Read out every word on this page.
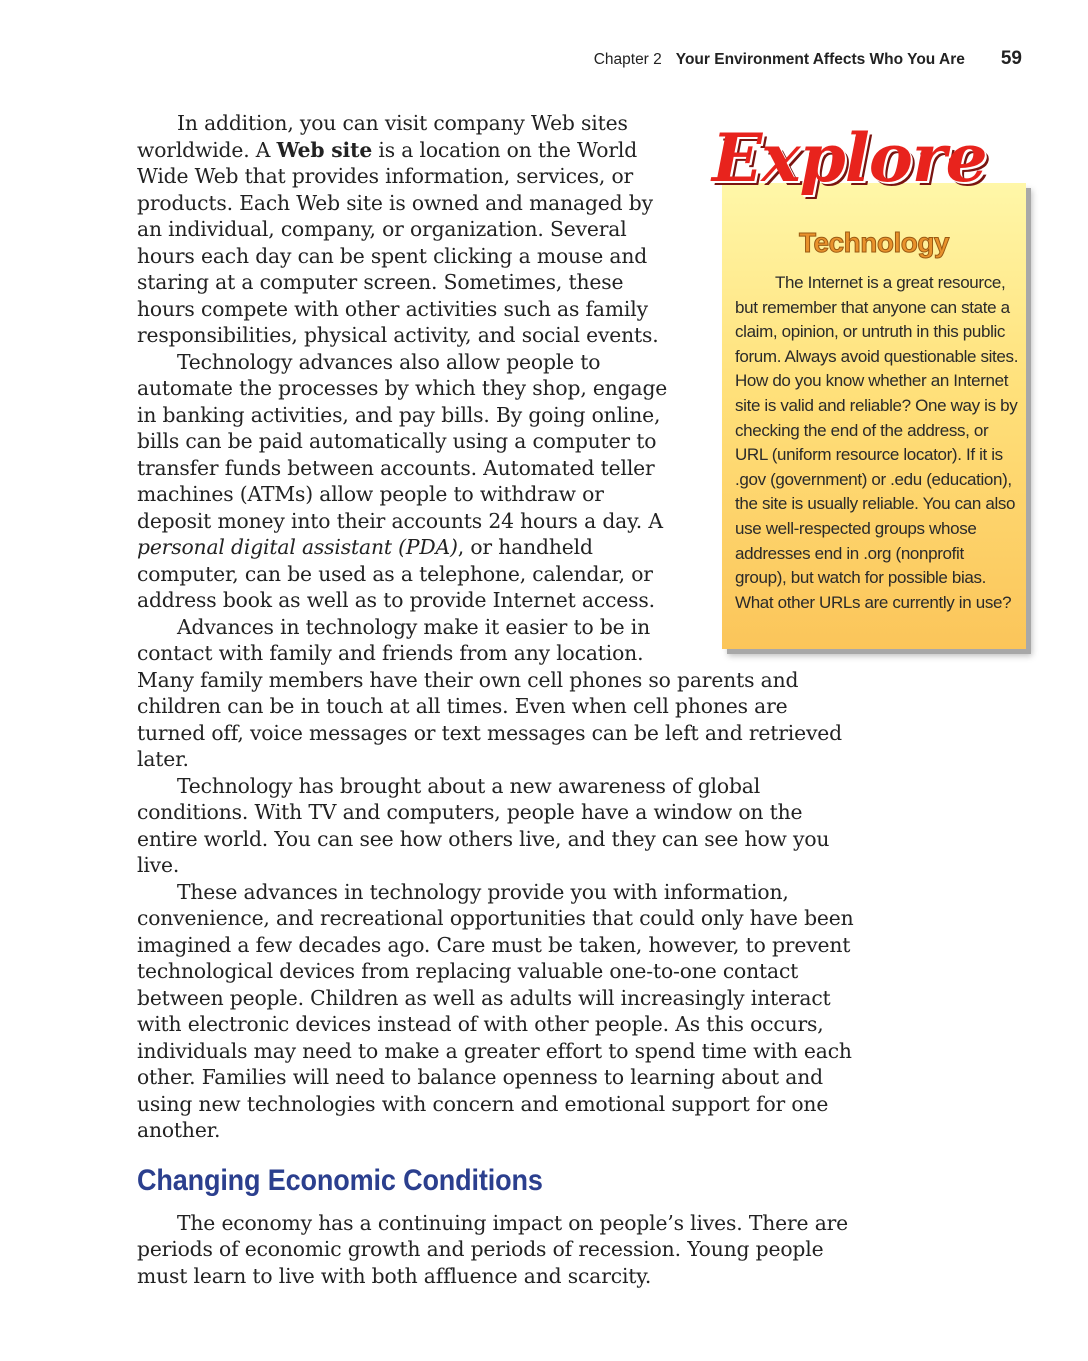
Chapter 2 Your Environment Affects Who You Are 59
Explore
Technology

The Internet is a great resource, but remember that anyone can state a claim, opinion, or untruth in this public forum. Always avoid questionable sites. How do you know whether an Internet site is valid and reliable? One way is by checking the end of the address, or URL (uniform resource locator). If it is .gov (government) or .edu (education), the site is usually reliable. You can also use well-respected groups whose addresses end in .org (nonprofit group), but watch for possible bias. What other URLs are currently in use?

In addition, you can visit company Web sites worldwide. A Web site is a location on the World Wide Web that provides information, services, or products. Each Web site is owned and managed by an individual, company, or organization. Several hours each day can be spent clicking a mouse and staring at a computer screen. Sometimes, these hours compete with other activities such as family responsibilities, physical activity, and social events.

Technology advances also allow people to automate the processes by which they shop, engage in banking activities, and pay bills. By going online, bills can be paid automatically using a computer to transfer funds between accounts. Automated teller machines (ATMs) allow people to withdraw or deposit money into their accounts 24 hours a day. A personal digital assistant (PDA), or handheld computer, can be used as a telephone, calendar, or address book as well as to provide Internet access.

Advances in technology make it easier to be in contact with family and friends from any location. Many family members have their own cell phones so parents and children can be in touch at all times. Even when cell phones are turned off, voice messages or text messages can be left and retrieved later.

Technology has brought about a new awareness of global conditions. With TV and computers, people have a window on the entire world. You can see how others live, and they can see how you live.

These advances in technology provide you with information, convenience, and recreational opportunities that could only have been imagined a few decades ago. Care must be taken, however, to prevent technological devices from replacing valuable one-to-one contact between people. Children as well as adults will increasingly interact with electronic devices instead of with other people. As this occurs, individuals may need to make a greater effort to spend time with each other. Families will need to balance openness to learning about and using new technologies with concern and emotional support for one another.

Changing Economic Conditions

The economy has a continuing impact on people’s lives. There are periods of economic growth and periods of recession. Young people must learn to live with both affluence and scarcity.
